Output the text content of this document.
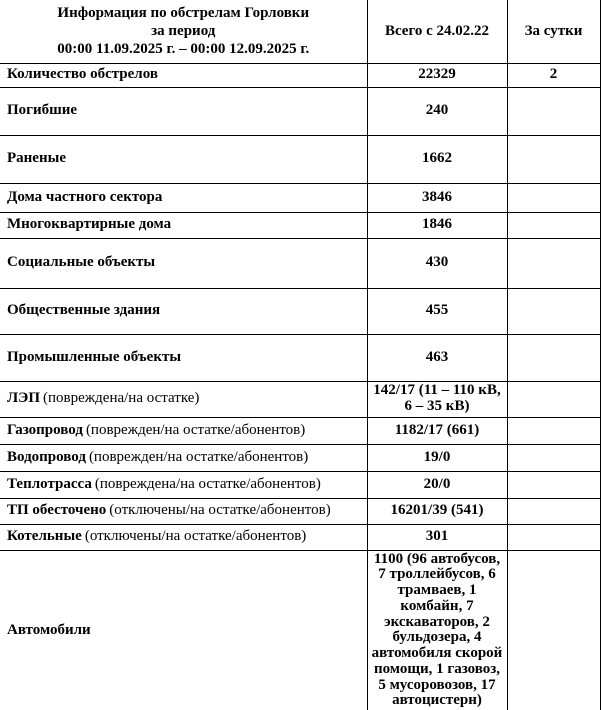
Информация по обстрелам Горловки
за период
00:00 11.09.2025 г. – 00:00 12.09.2025 г.	Всего с 24.02.22	За сутки
Количество обстрелов	22329	2
Погибшие	240	
Раненые	1662	
Дома частного сектора	3846	
Многоквартирные дома	1846	
Социальные объекты	430	
Общественные здания	455	
Промышленные объекты	463	
ЛЭП (повреждена/на остатке)	142/17 (11 – 110 кВ, 6 – 35 кВ)	
Газопровод (поврежден/на остатке/абонентов)	1182/17 (661)	
Водопровод (поврежден/на остатке/абонентов)	19/0	
Теплотрасса (повреждена/на остатке/абонентов)	20/0	
ТП обесточено (отключены/на остатке/абонентов)	16201/39 (541)	
Котельные (отключены/на остатке/абонентов)	301	
Автомобили	1100 (96 автобусов, 7 троллейбусов, 6 трамваев, 1 комбайн, 7 экскаваторов, 2 бульдозера, 4 автомобиля скорой помощи, 1 газовоз, 5 мусоровозов, 17 автоцистерн)	
